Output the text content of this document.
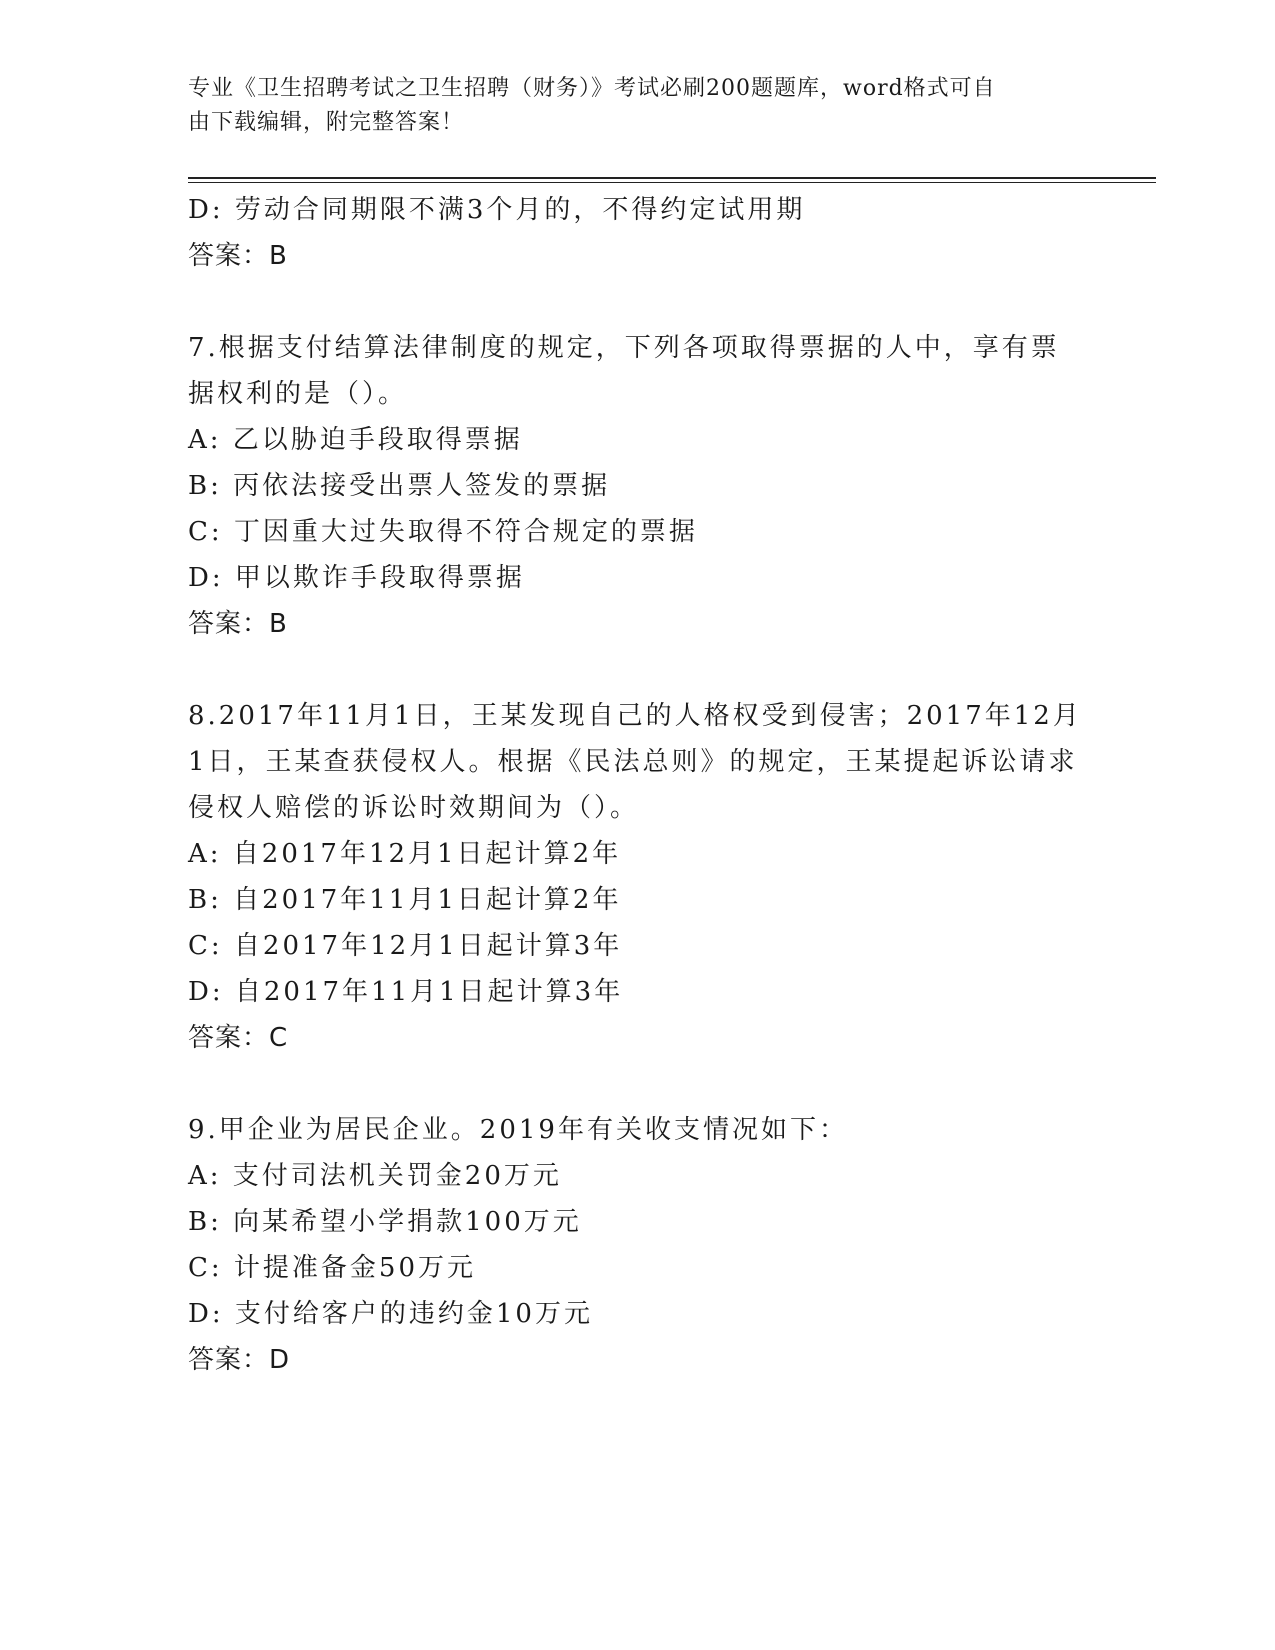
专业《卫生招聘考试之卫生招聘（财务）》考试必刷200题题库，word格式可自
由下载编辑，附完整答案！
D: 劳动合同期限不满3个月的，不得约定试用期
答案：B
7.根据支付结算法律制度的规定，下列各项取得票据的人中，享有票
据权利的是（）。
A: 乙以胁迫手段取得票据
B: 丙依法接受出票人签发的票据
C: 丁因重大过失取得不符合规定的票据
D: 甲以欺诈手段取得票据
答案：B
8.2017年11月1日，王某发现自己的人格权受到侵害；2017年12月
1日，王某查获侵权人。根据《民法总则》的规定，王某提起诉讼请求
侵权人赔偿的诉讼时效期间为（）。
A: 自2017年12月1日起计算2年
B: 自2017年11月1日起计算2年
C: 自2017年12月1日起计算3年
D: 自2017年11月1日起计算3年
答案：C
9.甲企业为居民企业。2019年有关收支情况如下：
A: 支付司法机关罚金20万元
B: 向某希望小学捐款100万元
C: 计提准备金50万元
D: 支付给客户的违约金10万元
答案：D
